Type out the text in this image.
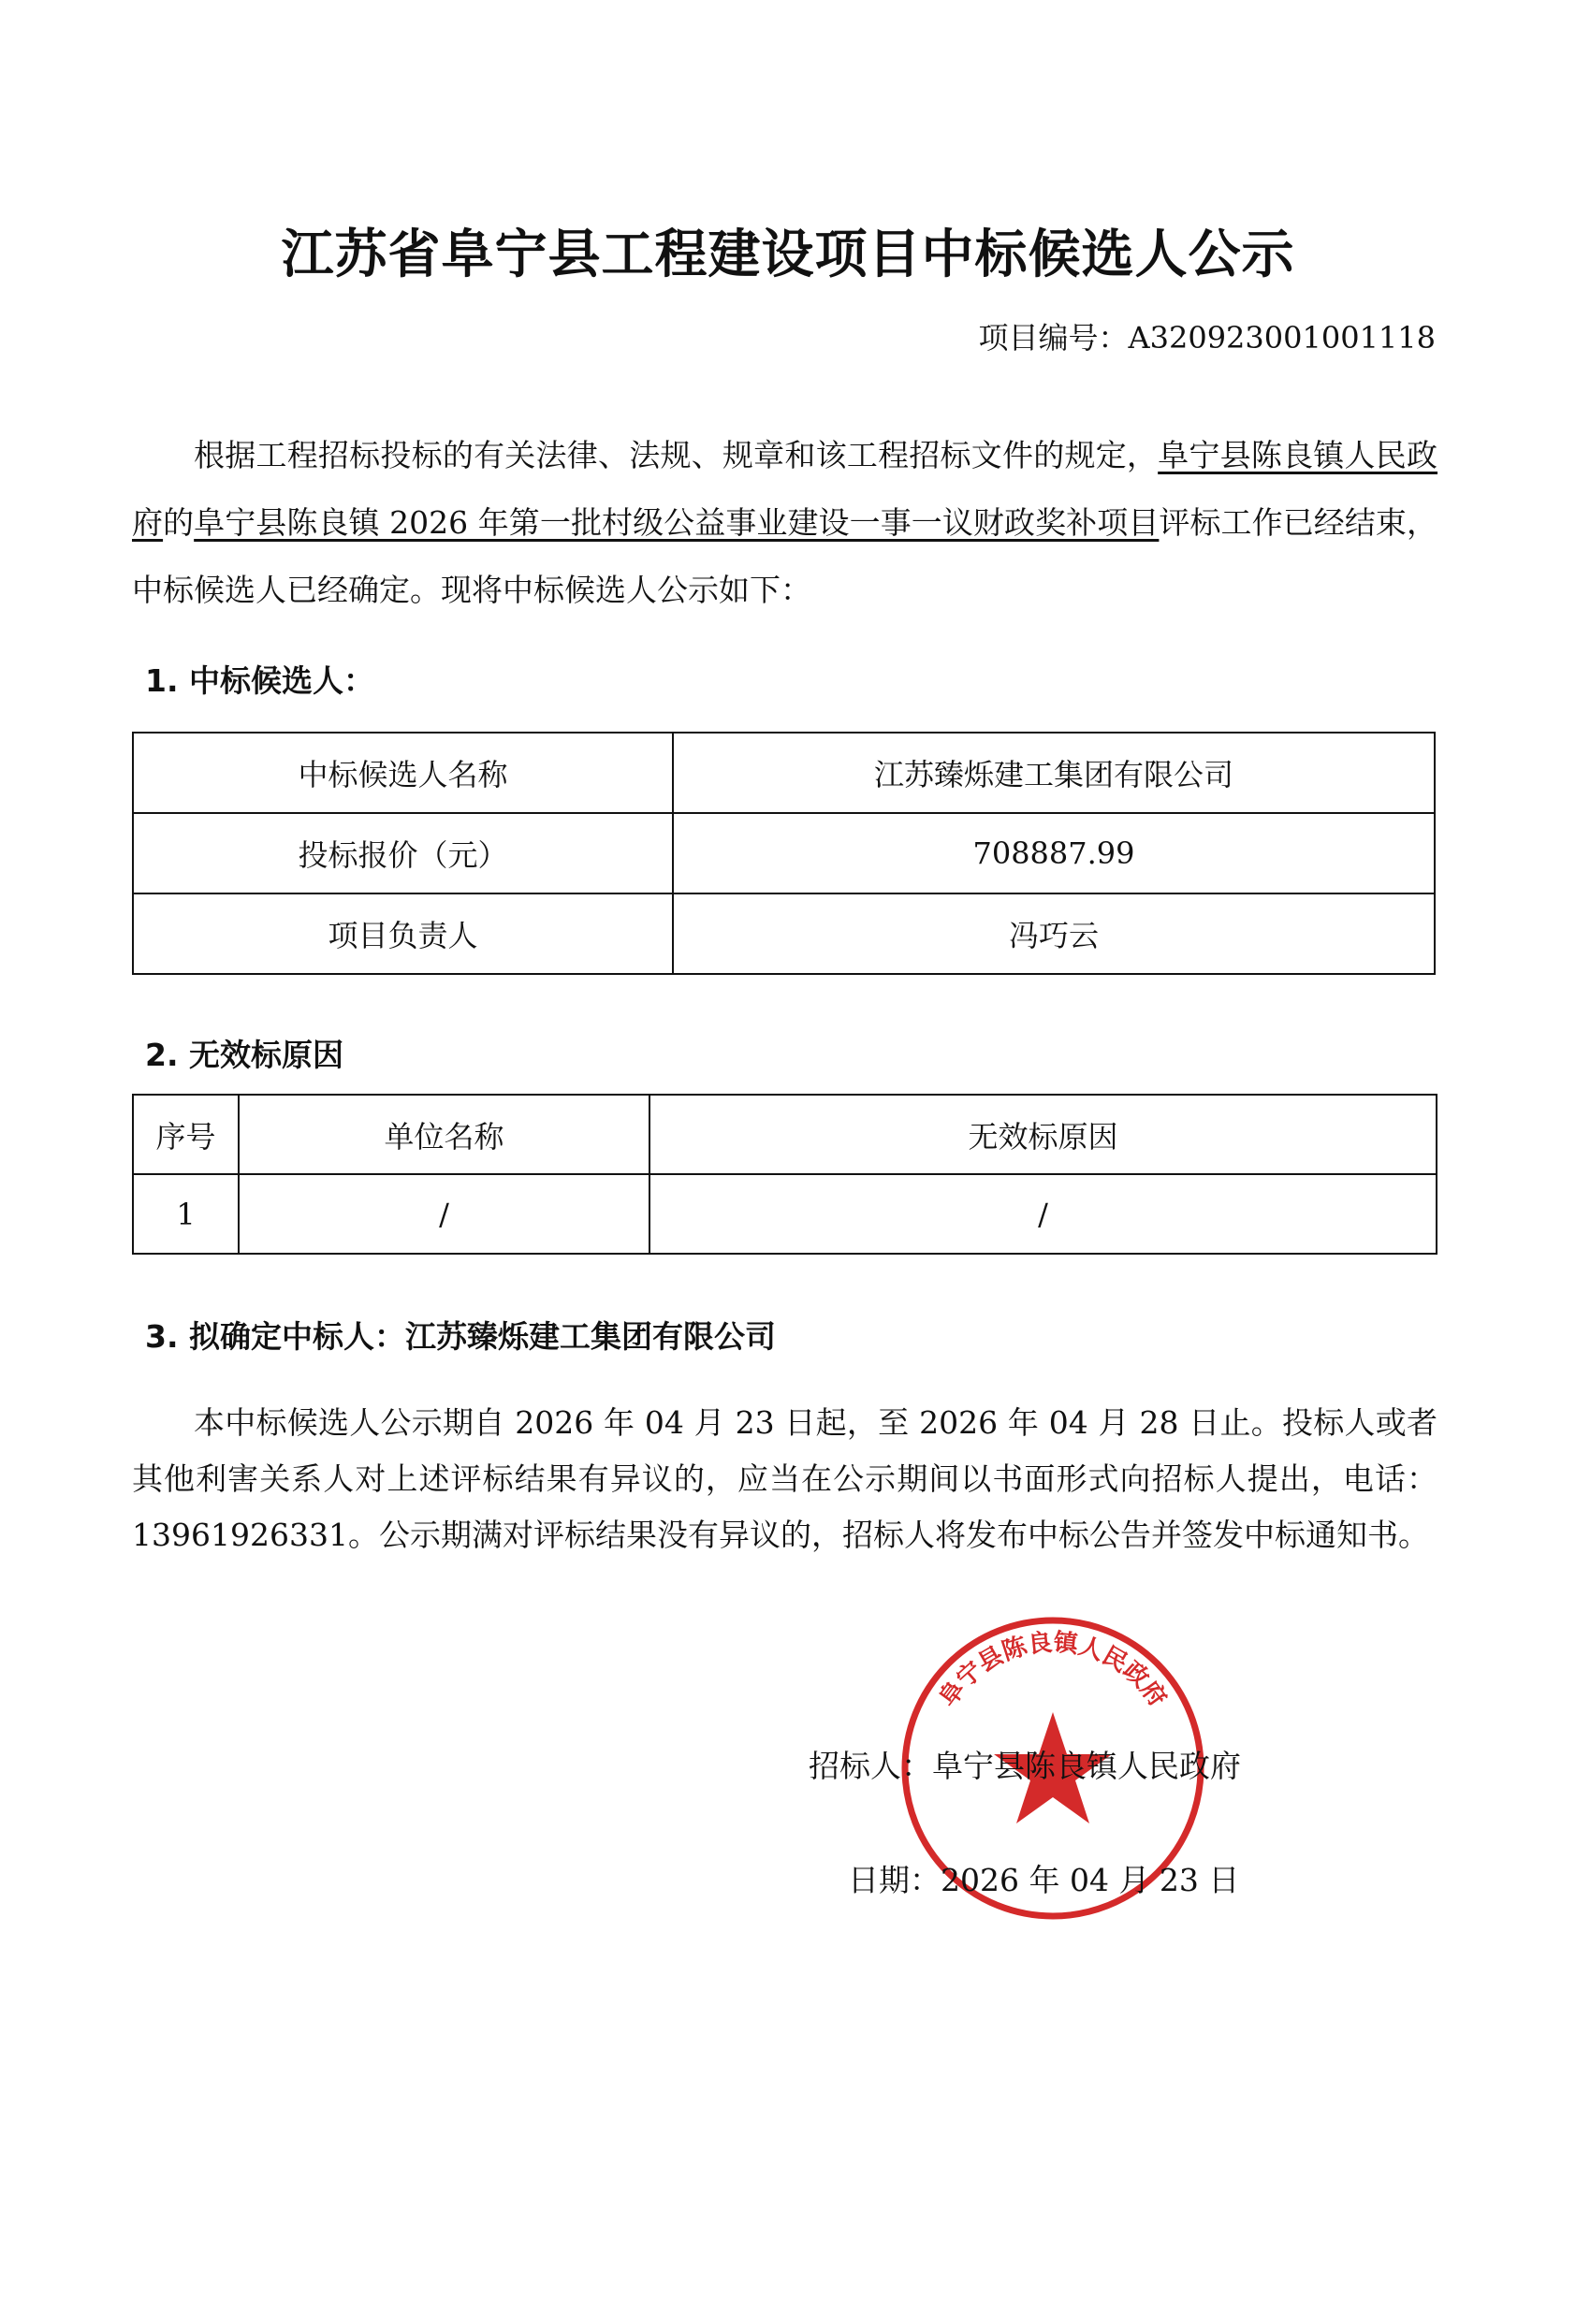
江苏省阜宁县工程建设项目中标候选人公示
项目编号：A320923001001118
根据工程招标投标的有关法律、法规、规章和该工程招标文件的规定，阜宁县陈良镇人民政府的阜宁县陈良镇 2026 年第一批村级公益事业建设一事一议财政奖补项目评标工作已经结束，中标候选人已经确定。现将中标候选人公示如下：
1. 中标候选人：
中标候选人名称	江苏臻烁建工集团有限公司
投标报价（元）	708887.99
项目负责人	冯巧云
2. 无效标原因
序号	单位名称	无效标原因
1	/	/
3. 拟确定中标人：江苏臻烁建工集团有限公司
本中标候选人公示期自 2026 年 04 月 23 日起，至 2026 年 04 月 28 日止。投标人或者其他利害关系人对上述评标结果有异议的，应当在公示期间以书面形式向招标人提出，电话：13961926331。公示期满对评标结果没有异议的，招标人将发布中标公告并签发中标通知书。
阜宁县陈良镇人民政府
招标人：阜宁县陈良镇人民政府
日期：2026 年 04 月 23 日
